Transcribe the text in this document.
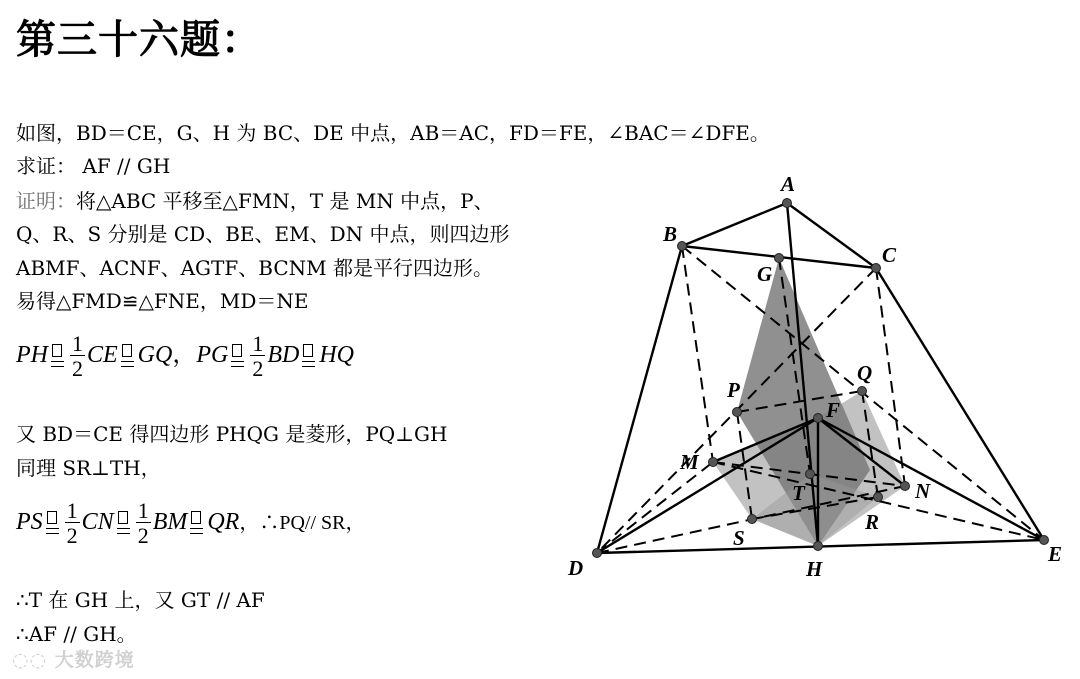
第三十六题：
如图，BD＝CE，G、H 为 BC、DE 中点，AB＝AC，FD＝FE，∠BAC＝∠DFE。
求证： AF // GH
证明：将△ABC 平移至△FMN，T 是 MN 中点，P、
Q、R、S 分别是 CD、BE、EM、DN 中点，则四边形
ABMF、ACNF、AGTF、BCNM 都是平行四边形。
易得△FMD≌△FNE，MD＝NE
PH $\frac{1}{2}$ CE GQ，PG $\frac{1}{2}$ BD HQ
又 BD＝CE 得四边形 PHQG 是菱形，PQ⊥GH
同理 SR⊥TH，
PS $\frac{1}{2}$ CN $\frac{1}{2}$ BM QR，∴PQ// SR，
∴T 在 GH 上，又 GT // AF
∴AF // GH。
◌◌ 大数跨境
A
B
C
G
Q
P
F
M
T	N
R
S
D	H
E
